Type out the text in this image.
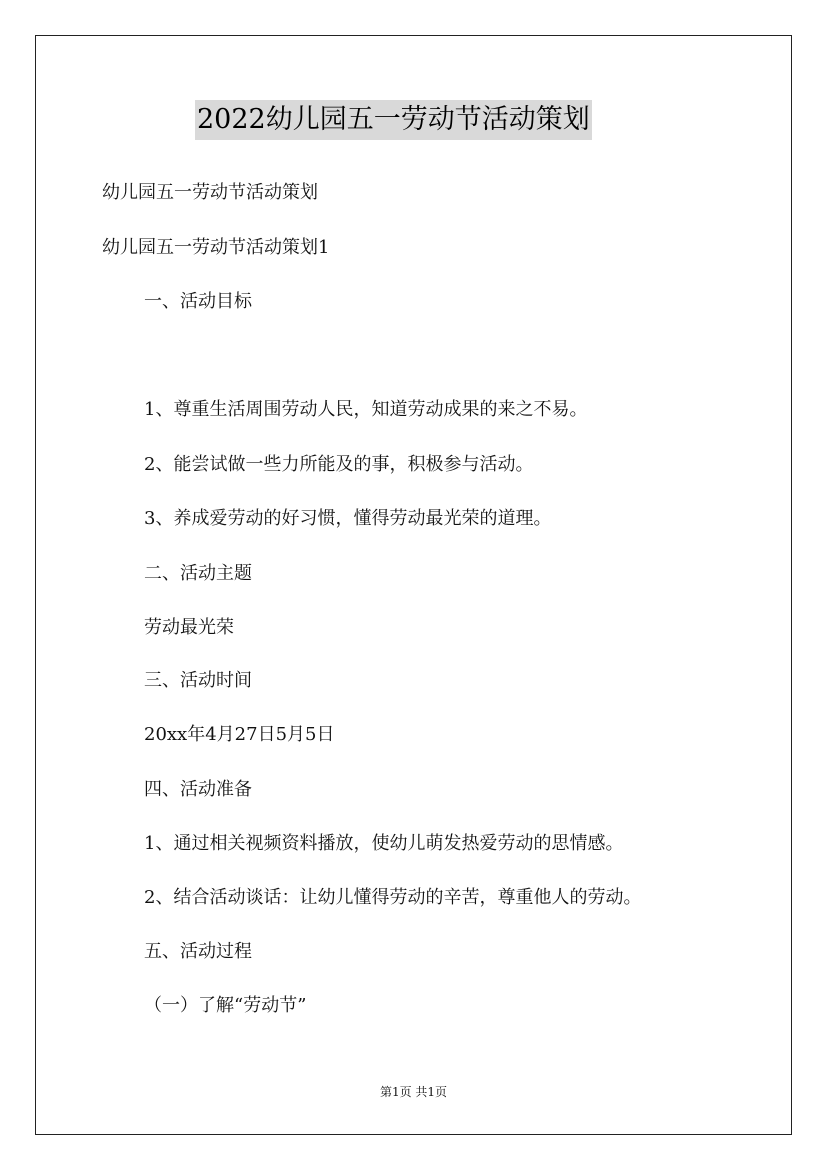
2022幼儿园五一劳动节活动策划
幼儿园五一劳动节活动策划
幼儿园五一劳动节活动策划1
一、活动目标
1、尊重生活周围劳动人民，知道劳动成果的来之不易。
2、能尝试做一些力所能及的事，积极参与活动。
3、养成爱劳动的好习惯，懂得劳动最光荣的道理。
二、活动主题
劳动最光荣
三、活动时间
20xx年4月27日5月5日
四、活动准备
1、通过相关视频资料播放，使幼儿萌发热爱劳动的思情感。
2、结合活动谈话：让幼儿懂得劳动的辛苦，尊重他人的劳动。
五、活动过程
（一）了解“劳动节”
第1页 共1页
